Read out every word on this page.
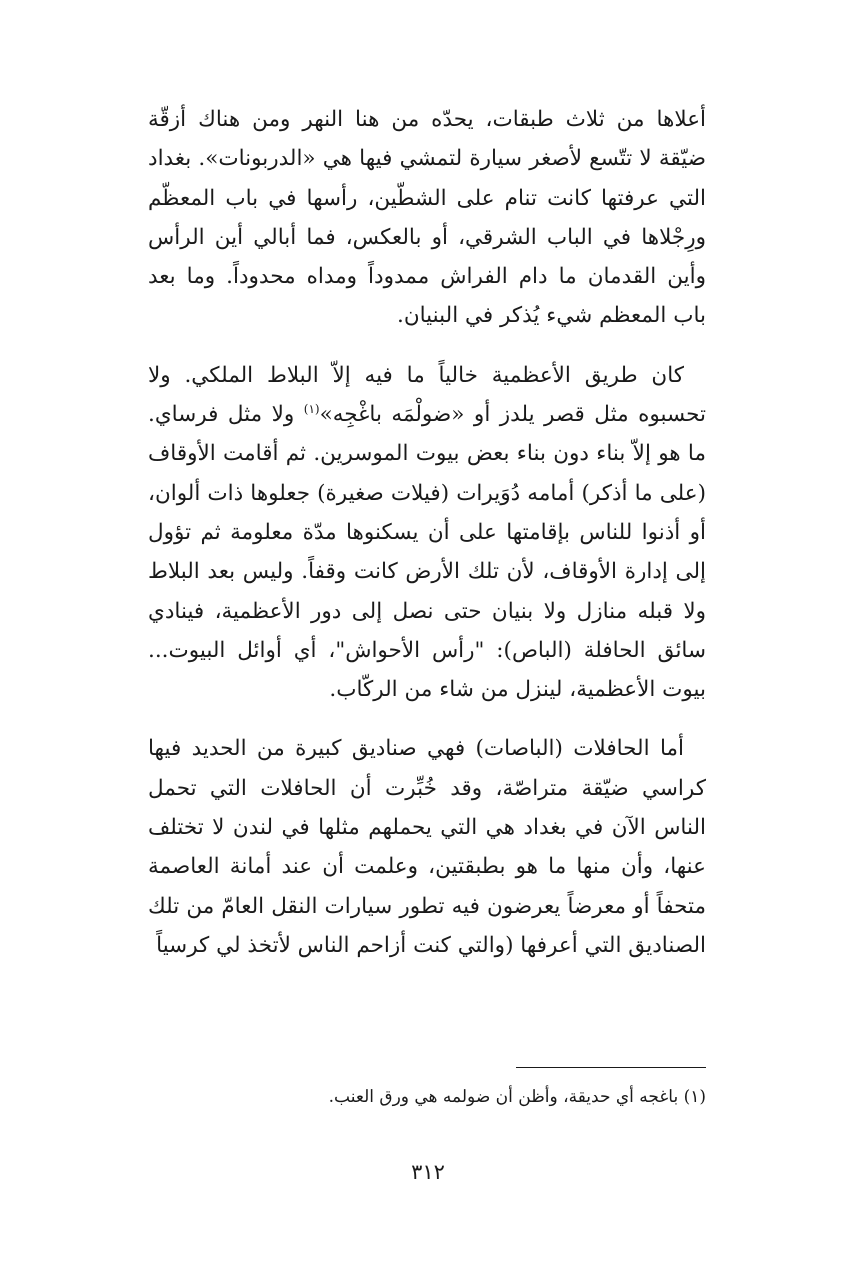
أعلاها من ثلاث طبقات، يحدّه من هنا النهر ومن هناك أزقّة ضيّقة لا تتّسع لأصغر سيارة لتمشي فيها هي «الدربونات». بغداد التي عرفتها كانت تنام على الشطّين، رأسها في باب المعظّم ورِجْلاها في الباب الشرقي، أو بالعكس، فما أبالي أين الرأس وأين القدمان ما دام الفراش ممدوداً ومداه محدوداً. وما بعد باب المعظم شيء يُذكر في البنيان.

كان طريق الأعظمية خالياً ما فيه إلاّ البلاط الملكي. ولا تحسبوه مثل قصر يلدز أو «ضولْمَه باغْجِه»$^{(١)}$ ولا مثل فرساي. ما هو إلاّ بناء دون بناء بعض بيوت الموسرين. ثم أقامت الأوقاف (على ما أذكر) أمامه دُوَيرات (فيلات صغيرة) جعلوها ذات ألوان، أو أذنوا للناس بإقامتها على أن يسكنوها مدّة معلومة ثم تؤول إلى إدارة الأوقاف، لأن تلك الأرض كانت وقفاً. وليس بعد البلاط ولا قبله منازل ولا بنيان حتى نصل إلى دور الأعظمية، فينادي سائق الحافلة (الباص): "رأس الأحواش"، أي أوائل البيوت... بيوت الأعظمية، لينزل من شاء من الركّاب.

أما الحافلات (الباصات) فهي صناديق كبيرة من الحديد فيها كراسي ضيّقة متراصّة، وقد خُبِّرت أن الحافلات التي تحمل الناس الآن في بغداد هي التي يحملهم مثلها في لندن لا تختلف عنها، وأن منها ما هو بطبقتين، وعلمت أن عند أمانة العاصمة متحفاً أو معرضاً يعرضون فيه تطور سيارات النقل العامّ من تلك الصناديق التي أعرفها (والتي كنت أزاحم الناس لأتخذ لي كرسياً

(١) باغجه أي حديقة، وأظن أن ضولمه هي ورق العنب.

٣١٢
